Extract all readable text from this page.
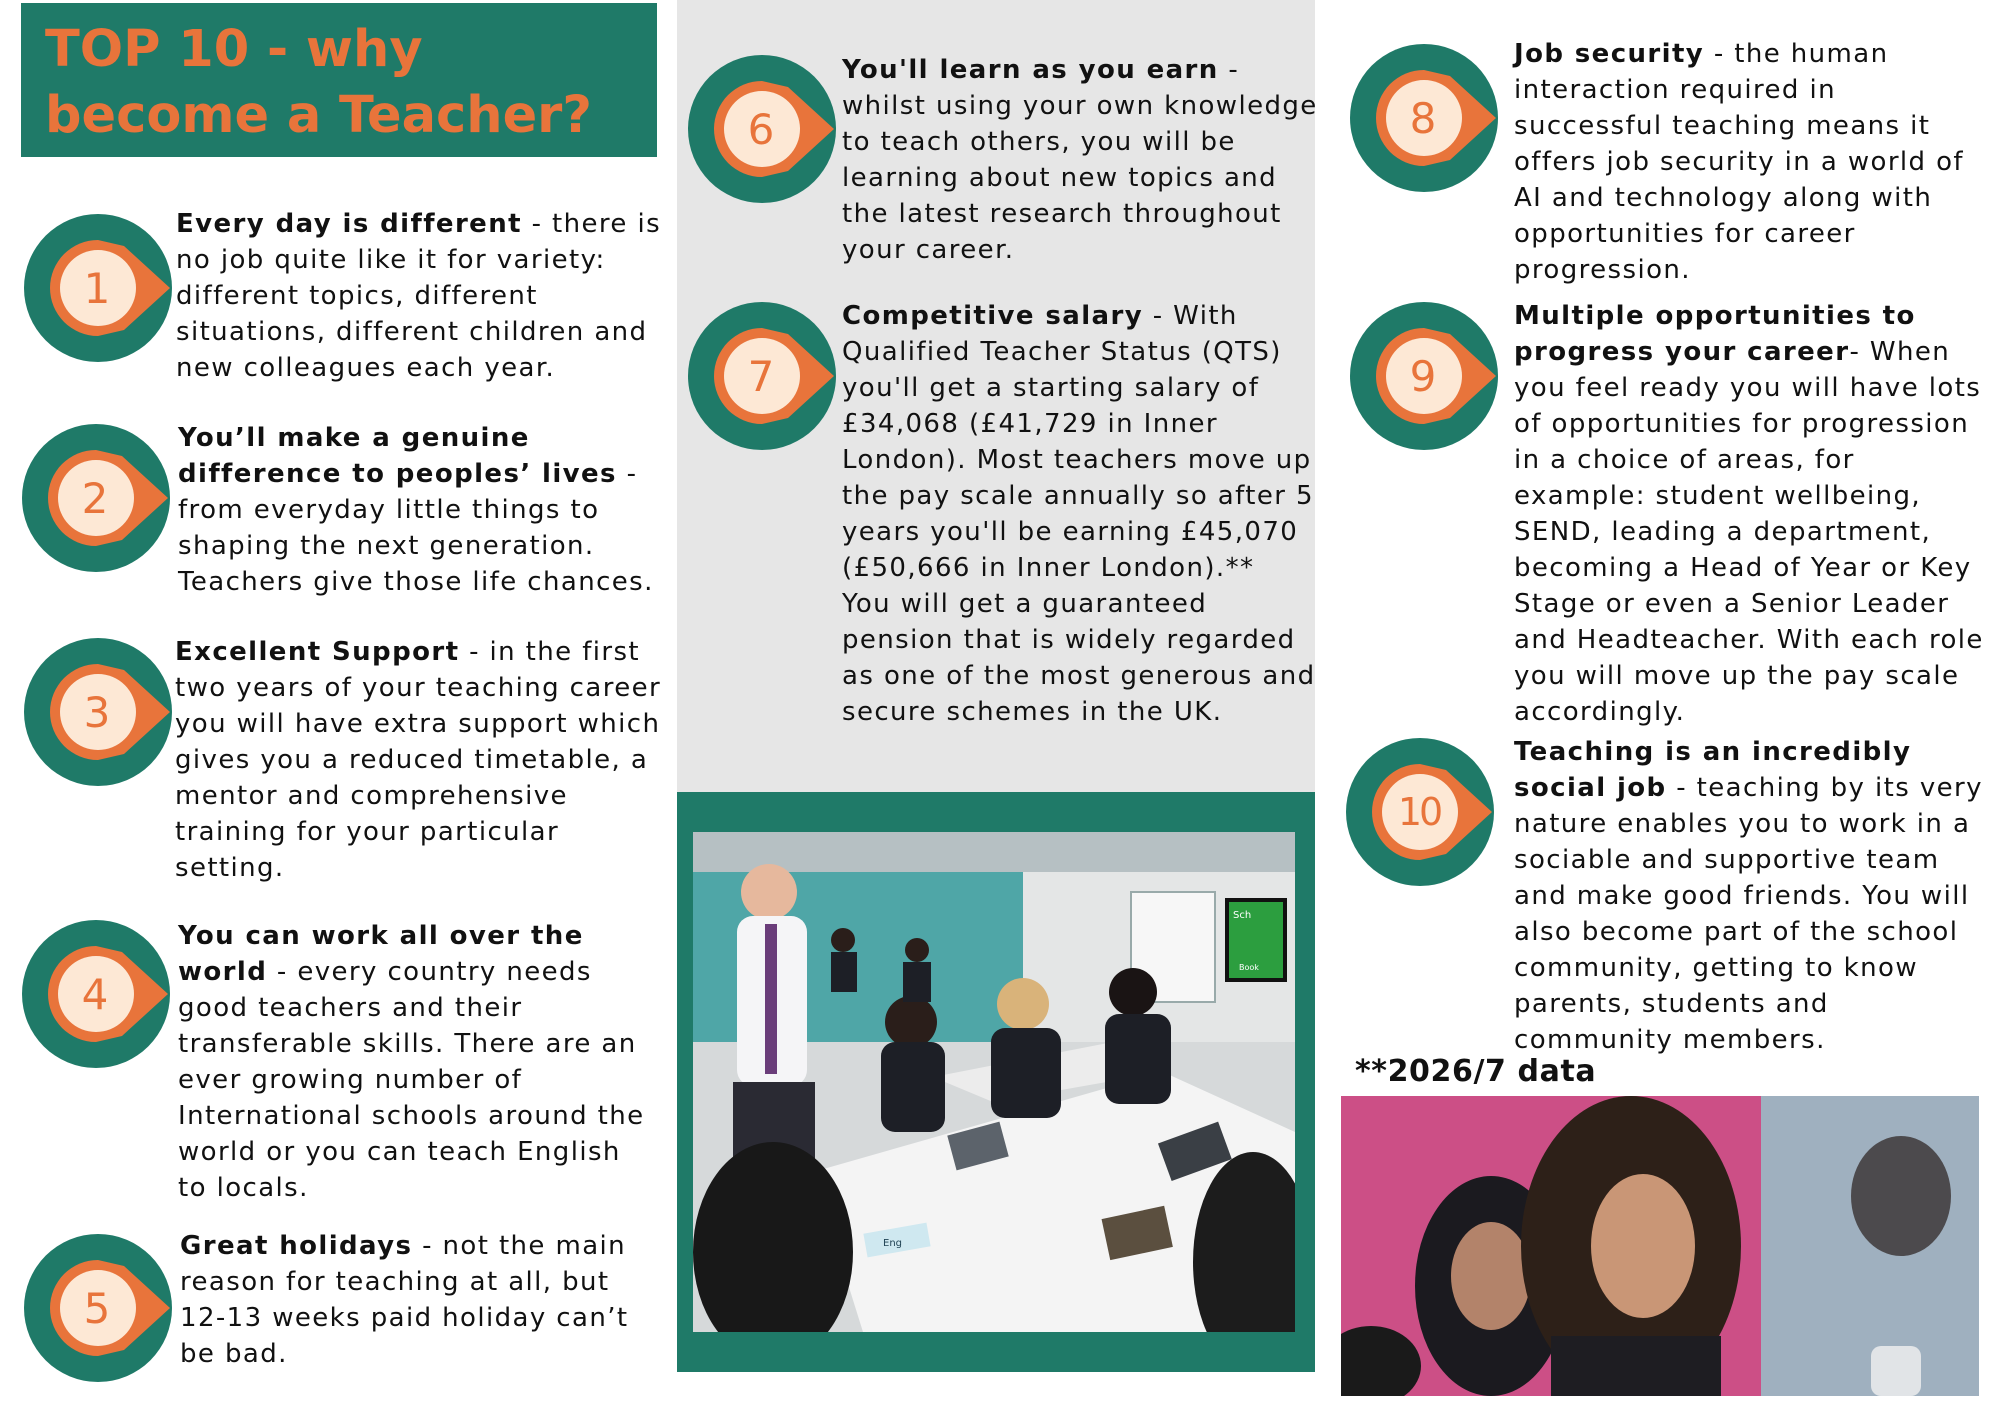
TOP 10 - why become a Teacher?

1
Every day is different - there is no job quite like it for variety: different topics, different situations, different children and new colleagues each year.
2
You’ll make a genuine difference to peoples’ lives - from everyday little things to shaping the next generation. Teachers give those life chances.
3
Excellent Support - in the first two years of your teaching career you will have extra support which gives you a reduced timetable, a mentor and comprehensive training for your particular setting.
4
You can work all over the world - every country needs good teachers and their transferable skills. There are an ever growing number of International schools around the world or you can teach English to locals.
5
Great holidays - not the main reason for teaching at all, but 12-13 weeks paid holiday can’t be bad.
6
You'll learn as you earn - whilst using your own knowledge to teach others, you will be learning about new topics and the latest research throughout your career.
7
Competitive salary - With Qualified Teacher Status (QTS) you'll get a starting salary of £34,068 (£41,729 in Inner London). Most teachers move up the pay scale annually so after 5 years you'll be earning £45,070 (£50,666 in Inner London).**
You will get a guaranteed pension that is widely regarded as one of the most generous and secure schemes in the UK.
8
Job security - the human interaction required in successful teaching means it offers job security in a world of AI and technology along with opportunities for career progression.
9
Multiple opportunities to progress your career- When you feel ready you will have lots of opportunities for progression in a choice of areas, for example: student wellbeing, SEND, leading a department, becoming a Head of Year or Key Stage or even a Senior Leader and Headteacher. With each role you will move up the pay scale accordingly.
10
Teaching is an incredibly social job - teaching by its very nature enables you to work in a sociable and supportive team and make good friends. You will also become part of the school community, getting to know parents, students and community members.
Sch
Book
Eng
**2026/7 data
